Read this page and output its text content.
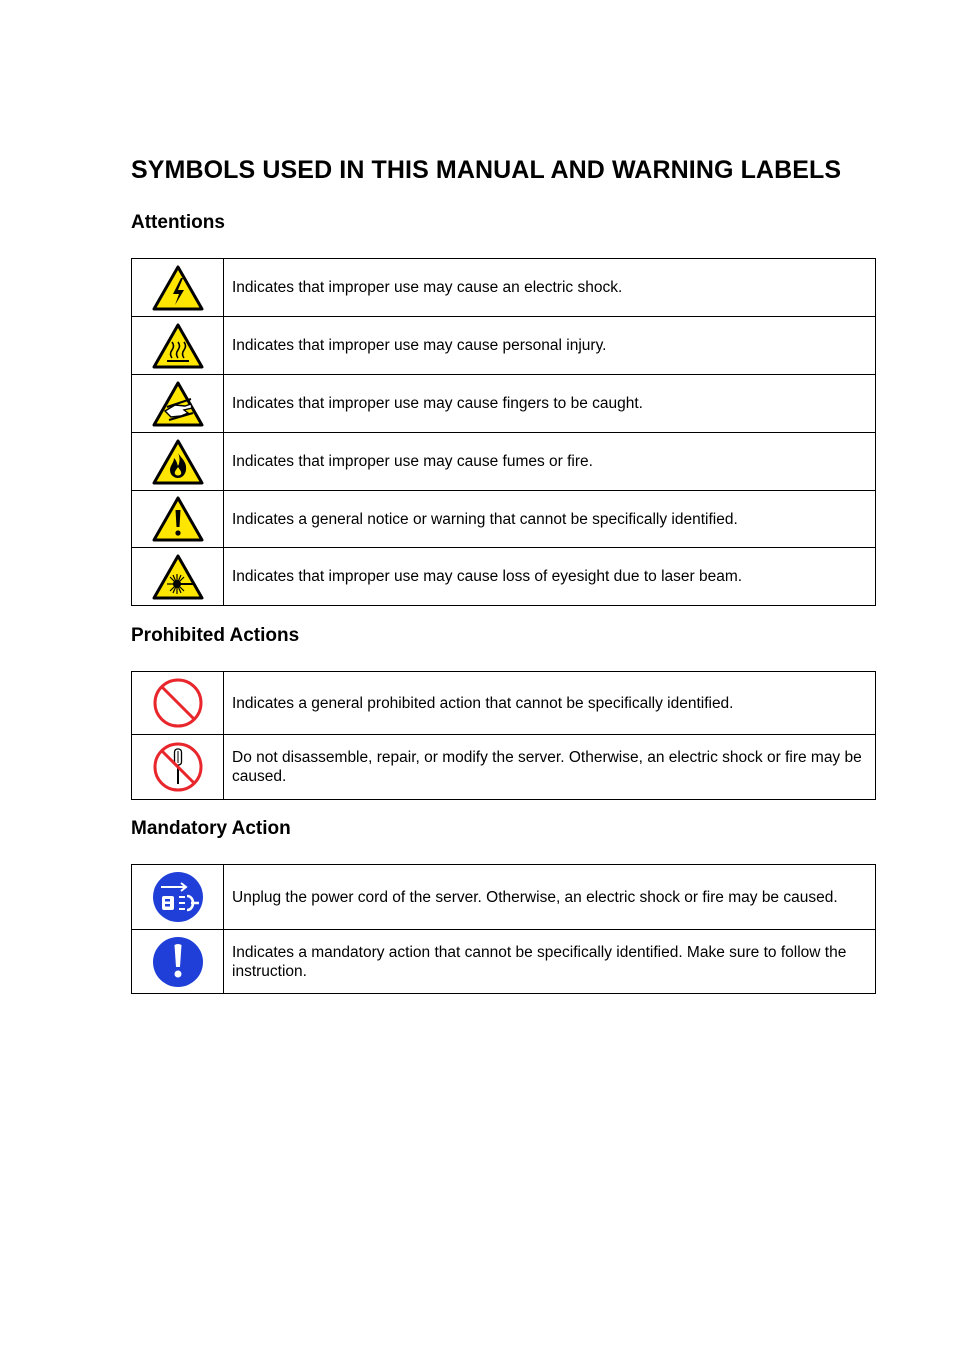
SYMBOLS USED IN THIS MANUAL AND WARNING LABELS
Attentions
	Indicates that improper use may cause an electric shock.

	Indicates that improper use may cause personal injury.

	Indicates that improper use may cause fingers to be caught.

	Indicates that improper use may cause fumes or fire.

	Indicates a general notice or warning that cannot be specifically identified.

	Indicates that improper use may cause loss of eyesight due to laser beam.
Prohibited Actions
	Indicates a general prohibited action that cannot be specifically identified.

	Do not disassemble, repair, or modify the server. Otherwise, an electric shock or fire may be caused.
Mandatory Action
	Unplug the power cord of the server. Otherwise, an electric shock or fire may be caused.

	Indicates a mandatory action that cannot be specifically identified. Make sure to follow the instruction.
